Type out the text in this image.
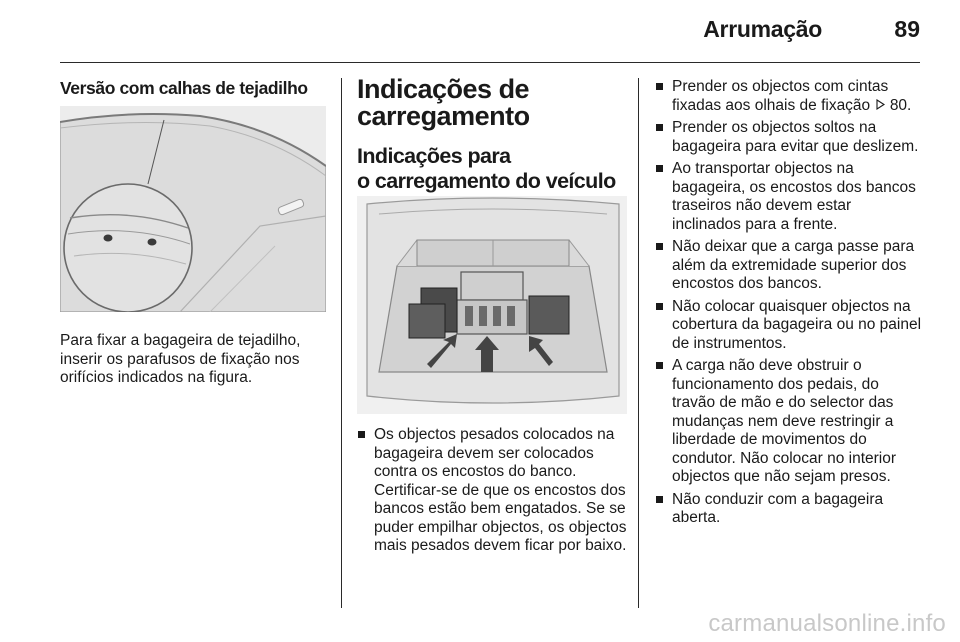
Arrumação	89
Versão com calhas de tejadilho
Para fixar a bagageira de tejadilho, inserir os parafusos de fixação nos orifícios indicados na figura.
Indicações de
carregamento
Indicações para
o carregamento do veículo
Os objectos pesados colocados na bagageira devem ser colocados contra os encostos do banco. Certificar-se de que os encostos dos bancos estão bem engatados. Se se puder empilhar objectos, os objectos mais pesados devem ficar por baixo.
Prender os objectos com cintas fixadas aos olhais de fixação 80.
Prender os objectos soltos na bagageira para evitar que deslizem.
Ao transportar objectos na bagageira, os encostos dos bancos traseiros não devem estar inclinados para a frente.
Não deixar que a carga passe para além da extremidade superior dos encostos dos bancos.
Não colocar quaisquer objectos na cobertura da bagageira ou no painel de instrumentos.
A carga não deve obstruir o funcionamento dos pedais, do travão de mão e do selector das mudanças nem deve restringir a liberdade de movimentos do condutor. Não colocar no interior objectos que não sejam presos.
Não conduzir com a bagageira aberta.
carmanualsonline.info
